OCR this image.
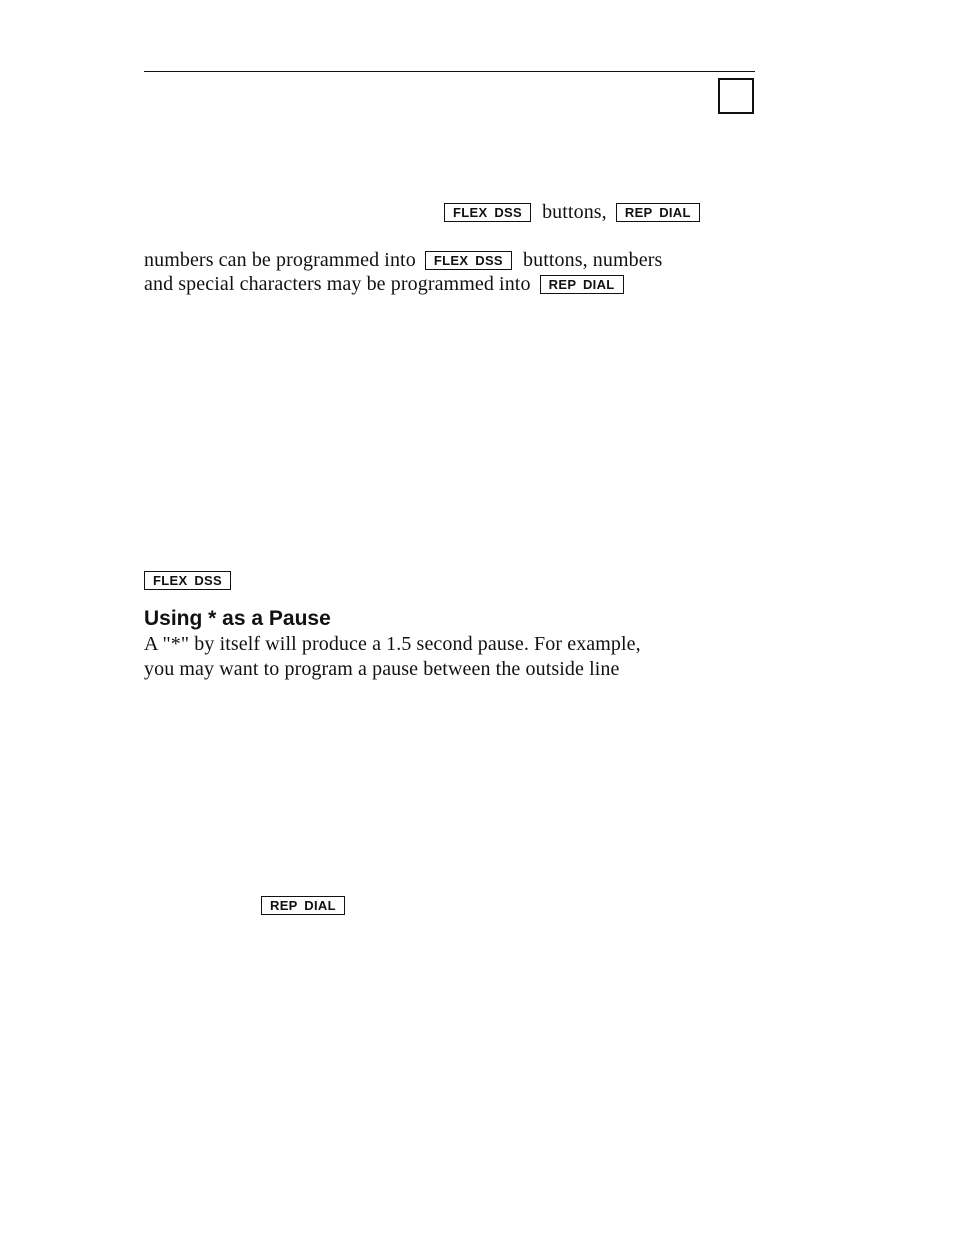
FLEX DSS buttons, REP DIAL
numbers can be programmed into FLEX DSS buttons, numbers
and special characters may be programmed into REP DIAL
FLEX DSS
Using * as a Pause
A "*" by itself will produce a 1.5 second pause. For example,
you may want to program a pause between the outside line
REP DIAL
